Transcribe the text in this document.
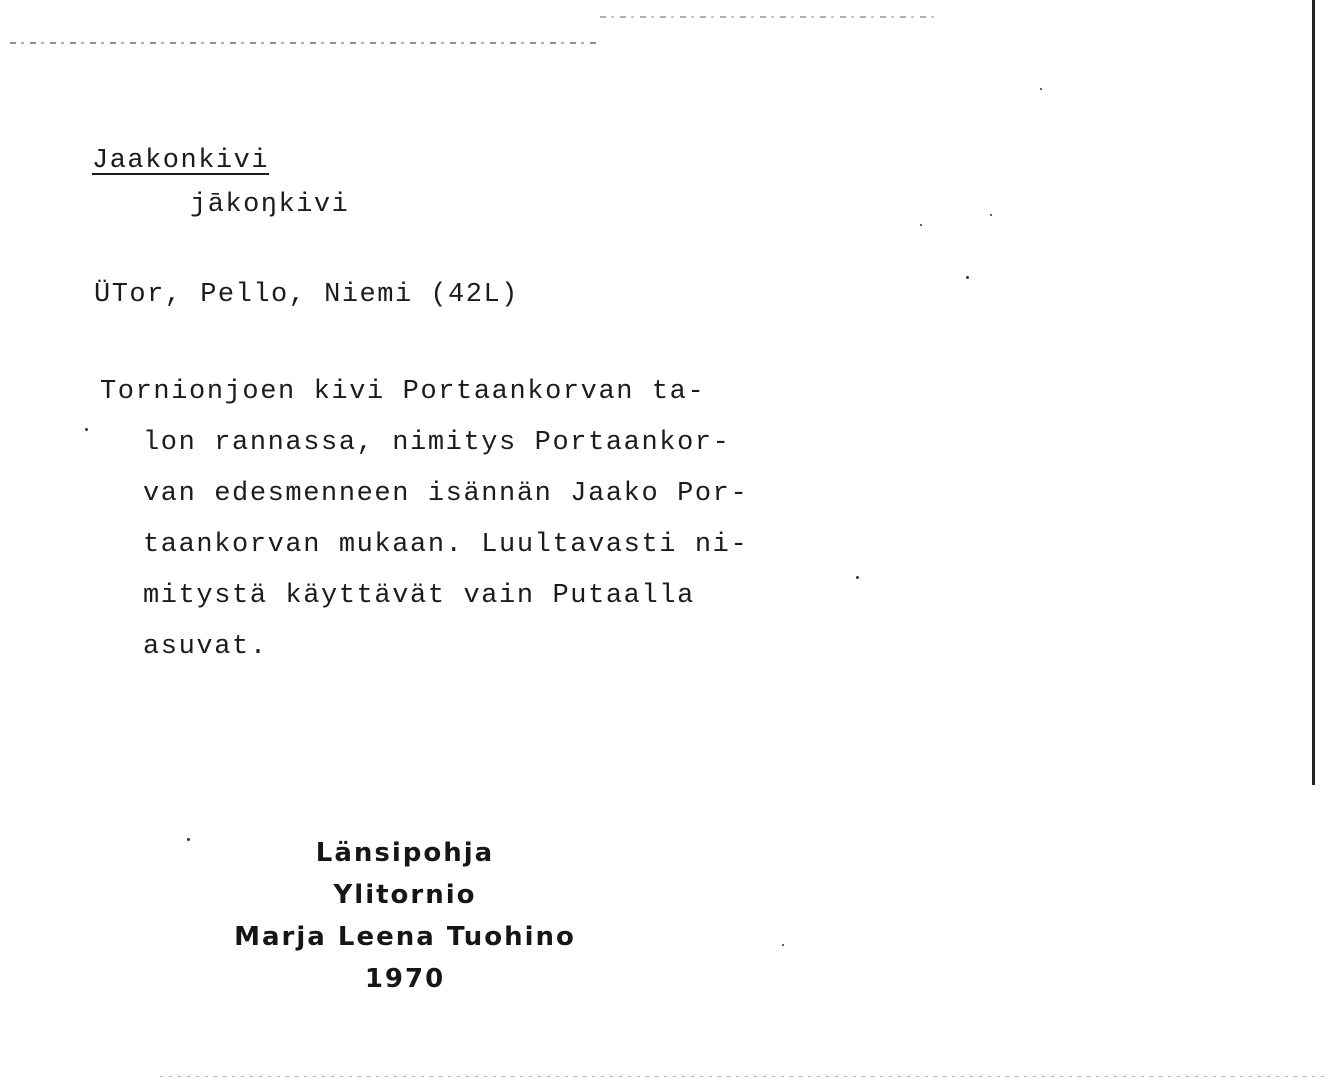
Jaakonkivi
jākoŋkivi
ÜTor, Pello, Niemi (42L)
Tornionjoen kivi Portaankorvan ta-
lon rannassa, nimitys Portaankor-
van edesmenneen isännän Jaako Por-
taankorvan mukaan. Luultavasti ni-
mitystä käyttävät vain Putaalla
asuvat.
Länsipohja
Ylitornio
Marja Leena Tuohino
1970
